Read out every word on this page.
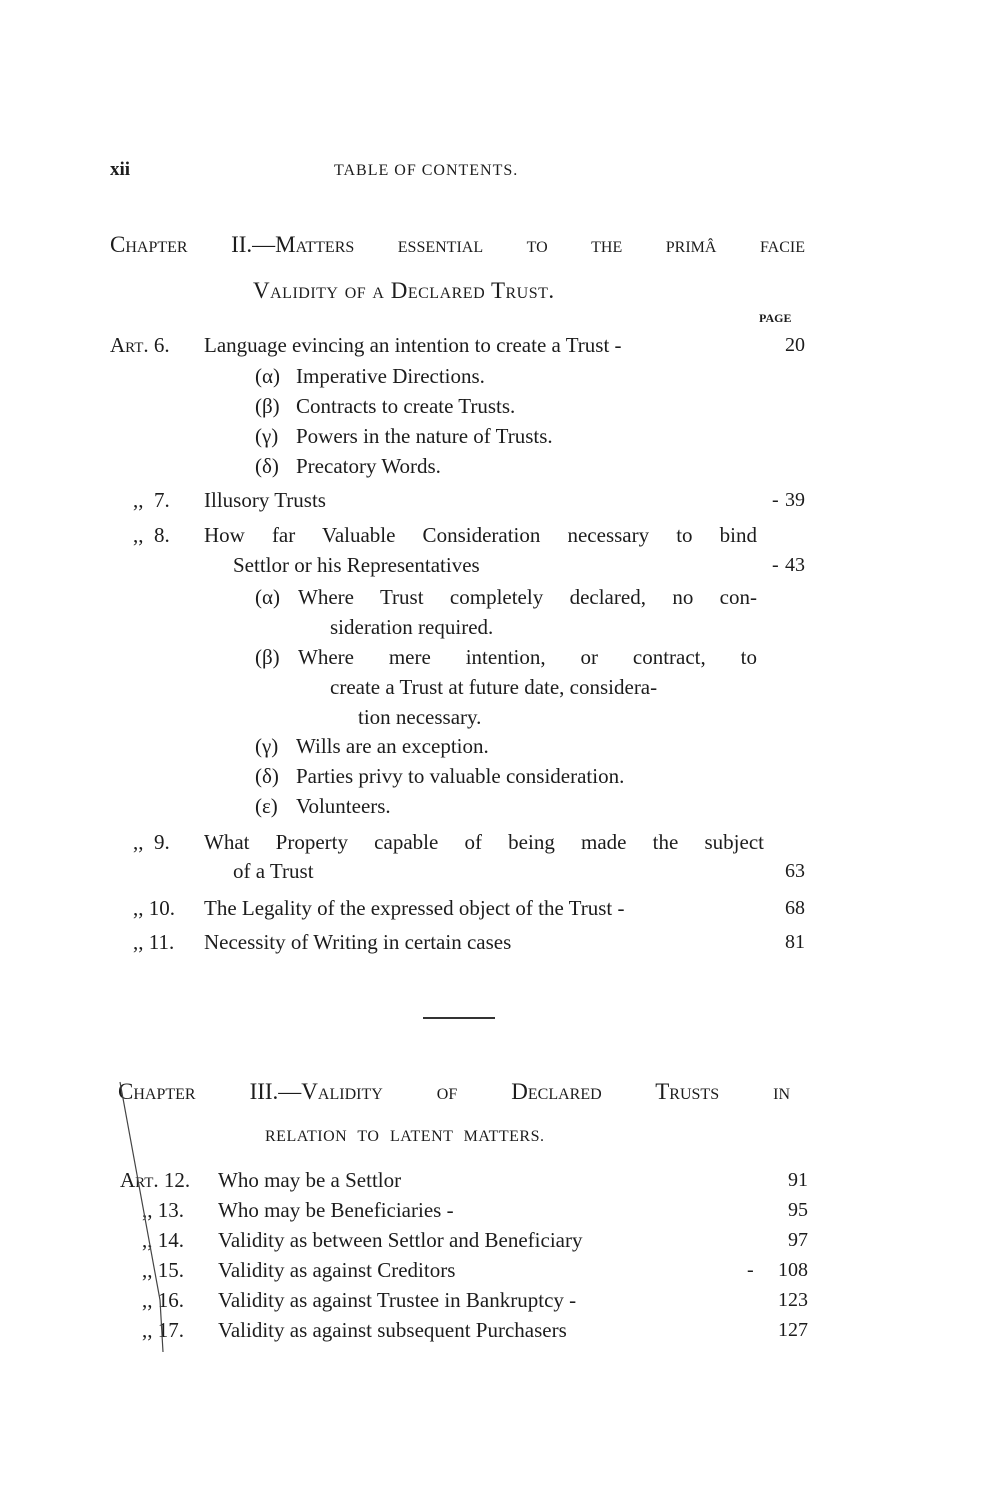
xii	TABLE OF CONTENTS.
Chapter II.—Matters essential to the primâ facie
Validity of a Declared Trust.
PAGE
Art. 6. Language evincing an intention to create a Trust -	20
(α) Imperative Directions.
(β) Contracts to create Trusts.
(γ) Powers in the nature of Trusts.
(δ) Precatory Words.
,,  7. Illusory Trusts	- 39
,,  8. How far Valuable Consideration necessary to bind
Settlor or his Representatives	- 43
(α) Where Trust completely declared, no con-
sideration required.
(β) Where mere intention, or contract, to
create a Trust at future date, considera-
tion necessary.
(γ) Wills are an exception.
(δ) Parties privy to valuable consideration.
(ε) Volunteers.
,,  9. What Property capable of being made the subject
of a Trust	63
,, 10. The Legality of the expressed object of the Trust -	68
,, 11. Necessity of Writing in certain cases	81
Chapter III.—Validity of Declared Trusts in
RELATION TO LATENT MATTERS.
Art. 12. Who may be a Settlor	91
,, 13. Who may be Beneficiaries -	95
,, 14. Validity as between Settlor and Beneficiary	97
,, 15. Validity as against Creditors	-	108
,, 16. Validity as against Trustee in Bankruptcy -	123
,, 17. Validity as against subsequent Purchasers	127
